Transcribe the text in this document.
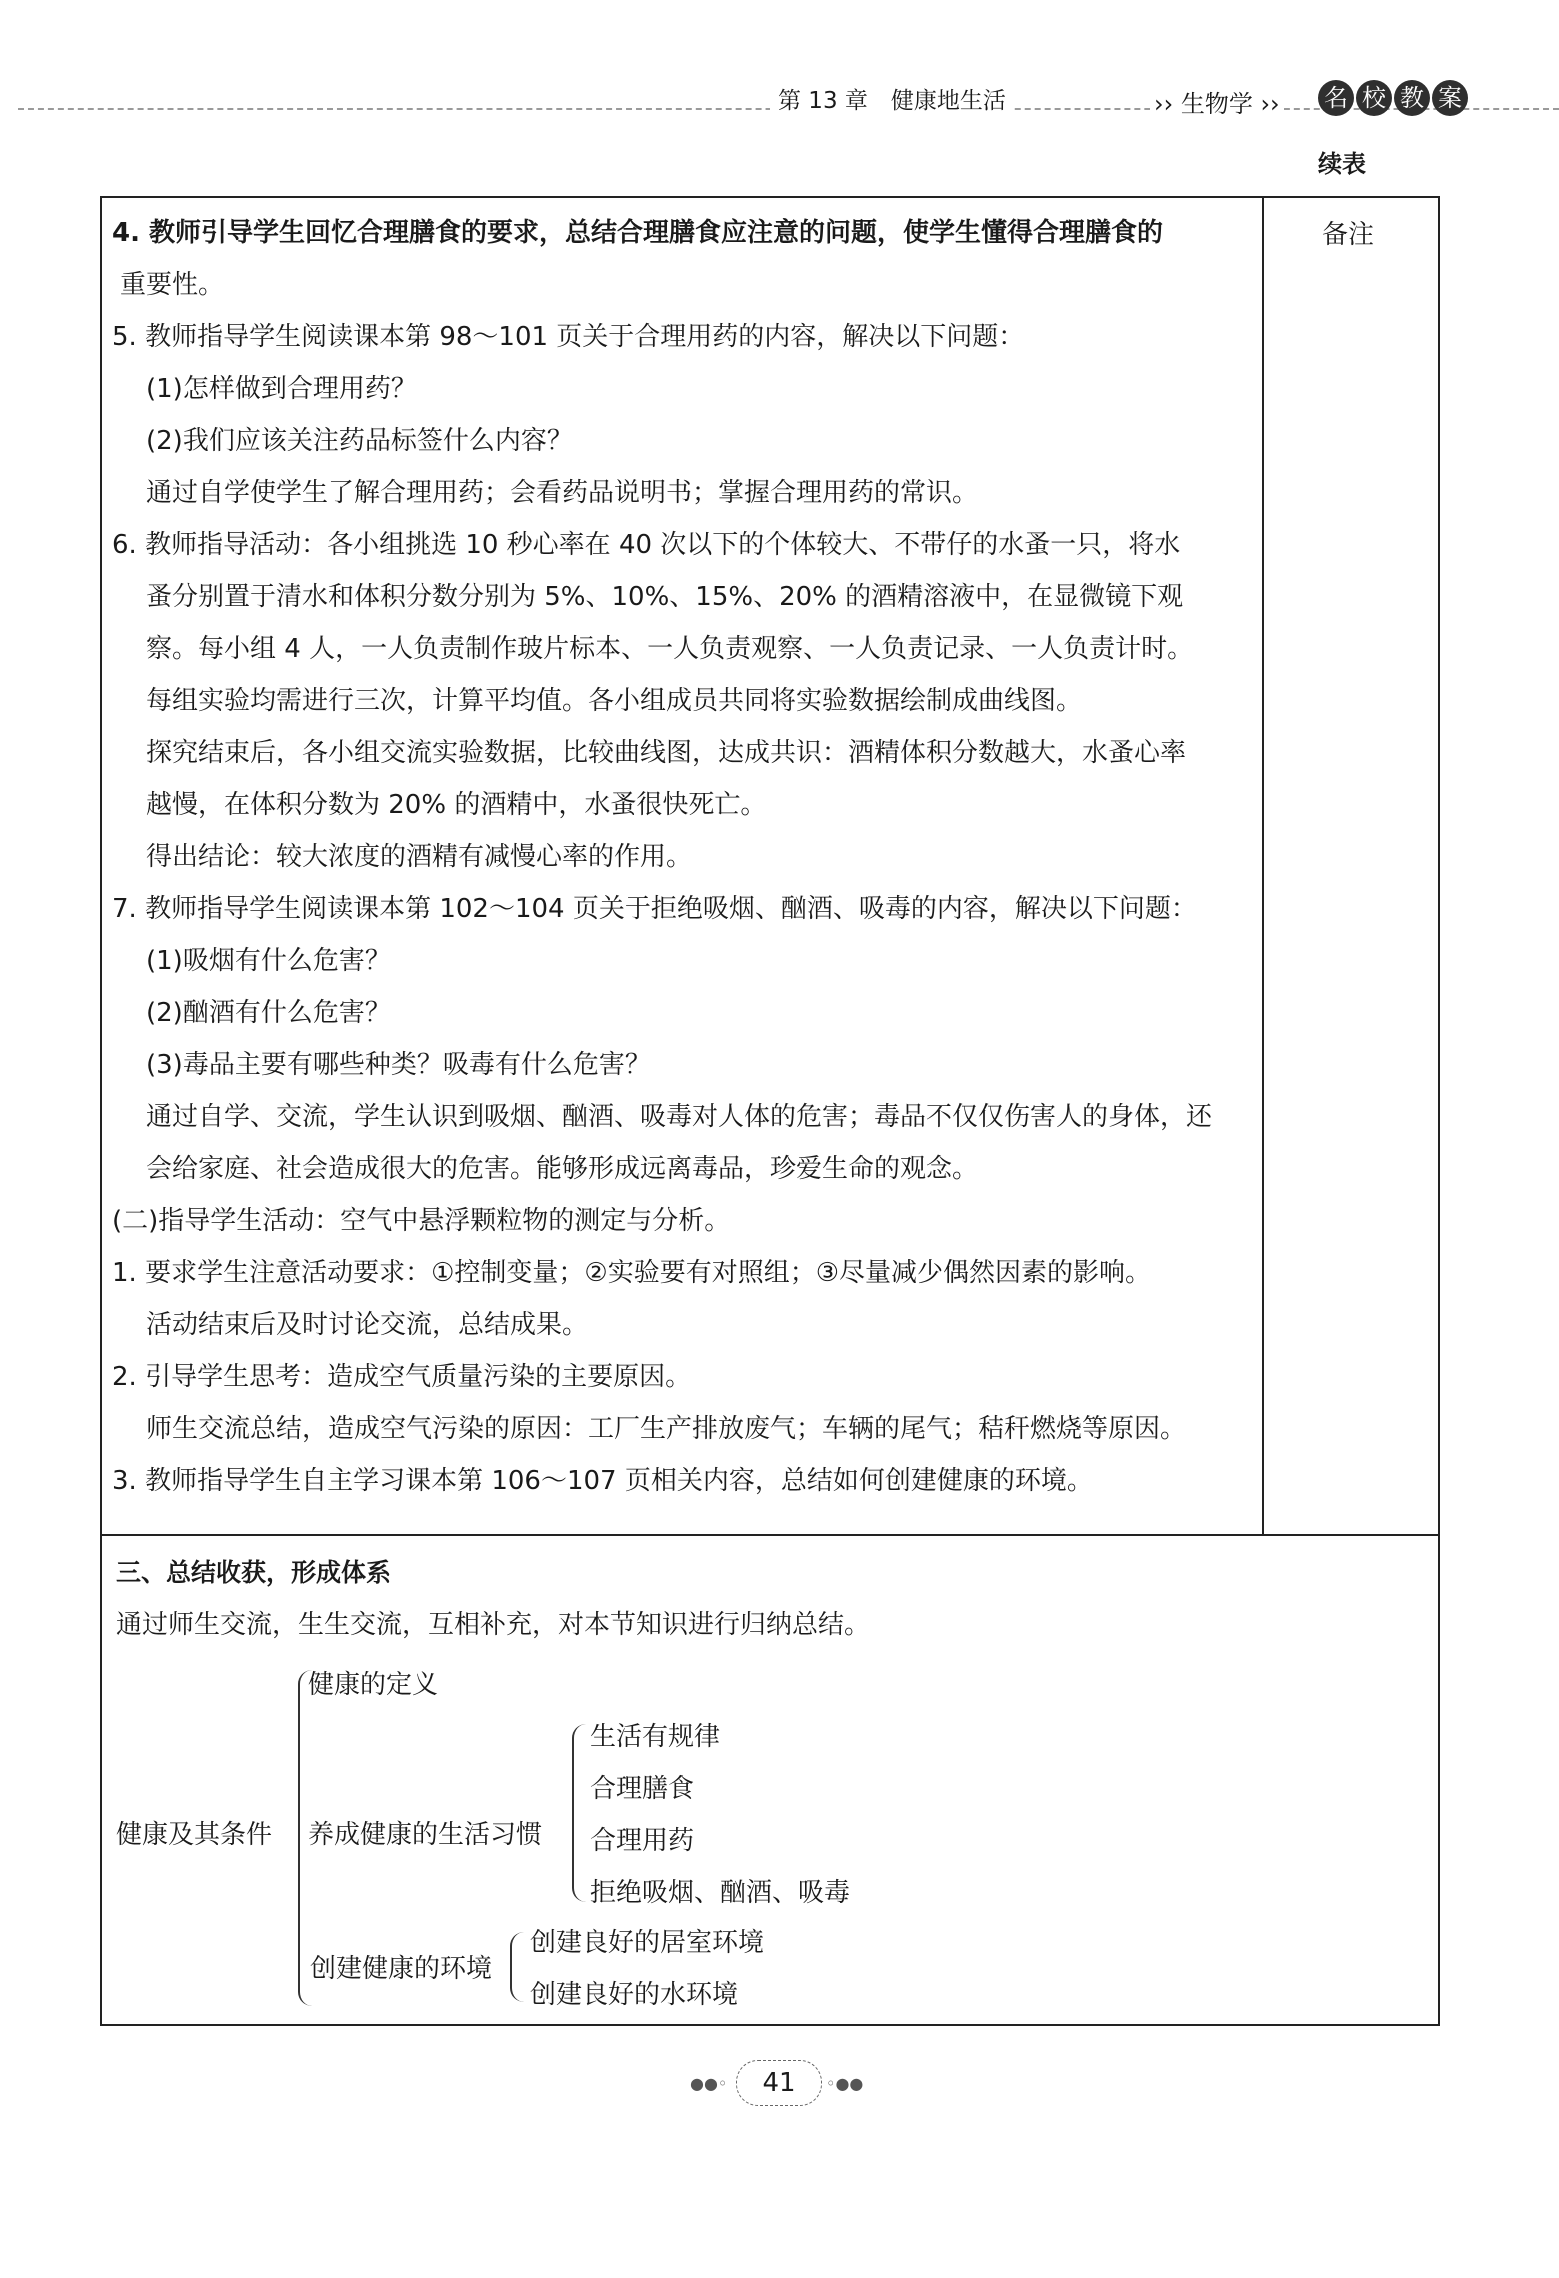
第 13 章　健康地生活	›› 生物学 ›› 名 校 教 案
续表
备注
4. 教师引导学生回忆合理膳食的要求，总结合理膳食应注意的问题，使学生懂得合理膳食的
重要性。
5. 教师指导学生阅读课本第 98～101 页关于合理用药的内容，解决以下问题：
(1)怎样做到合理用药？
(2)我们应该关注药品标签什么内容？
通过自学使学生了解合理用药；会看药品说明书；掌握合理用药的常识。
6. 教师指导活动：各小组挑选 10 秒心率在 40 次以下的个体较大、不带仔的水蚤一只，将水
蚤分别置于清水和体积分数分别为 5%、10%、15%、20% 的酒精溶液中，在显微镜下观
察。每小组 4 人，一人负责制作玻片标本、一人负责观察、一人负责记录、一人负责计时。
每组实验均需进行三次，计算平均值。各小组成员共同将实验数据绘制成曲线图。
探究结束后，各小组交流实验数据，比较曲线图，达成共识：酒精体积分数越大，水蚤心率
越慢，在体积分数为 20% 的酒精中，水蚤很快死亡。
得出结论：较大浓度的酒精有减慢心率的作用。
7. 教师指导学生阅读课本第 102～104 页关于拒绝吸烟、酗酒、吸毒的内容，解决以下问题：
(1)吸烟有什么危害？
(2)酗酒有什么危害？
(3)毒品主要有哪些种类？吸毒有什么危害？
通过自学、交流，学生认识到吸烟、酗酒、吸毒对人体的危害；毒品不仅仅伤害人的身体，还
会给家庭、社会造成很大的危害。能够形成远离毒品，珍爱生命的观念。
(二)指导学生活动：空气中悬浮颗粒物的测定与分析。
1. 要求学生注意活动要求：①控制变量；②实验要有对照组；③尽量减少偶然因素的影响。
活动结束后及时讨论交流，总结成果。
2. 引导学生思考：造成空气质量污染的主要原因。
师生交流总结，造成空气污染的原因：工厂生产排放废气；车辆的尾气；秸秆燃烧等原因。
3. 教师指导学生自主学习课本第 106～107 页相关内容，总结如何创建健康的环境。
三、总结收获，形成体系
通过师生交流，生生交流，互相补充，对本节知识进行归纳总结。
健康及其条件
健康的定义
养成健康的生活习惯
生活有规律
合理膳食
合理用药
拒绝吸烟、酗酒、吸毒
创建健康的环境
创建良好的居室环境
创建良好的水环境
●●◦	41	◦●●
